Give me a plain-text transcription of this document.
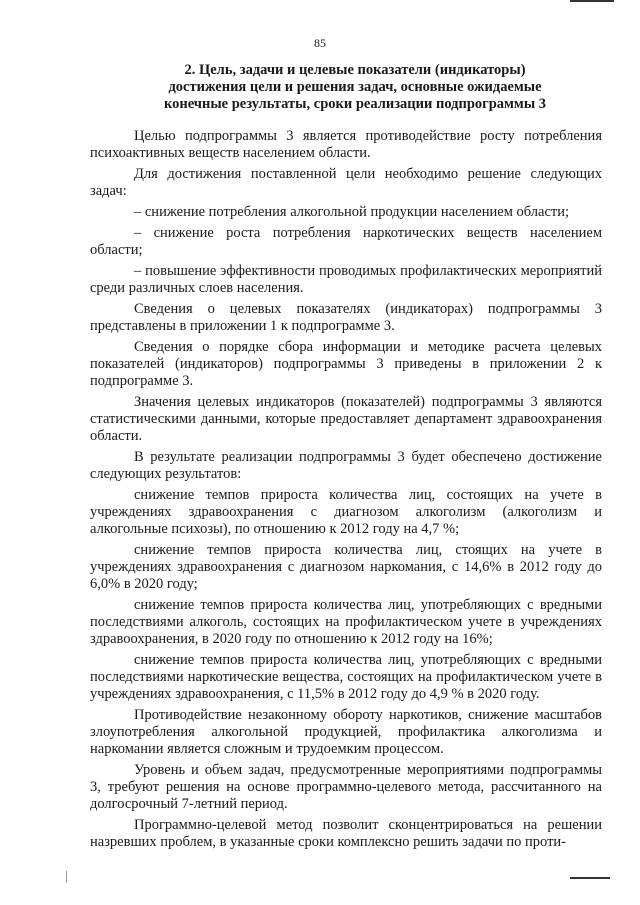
85
2. Цель, задачи и целевые показатели (индикаторы)
достижения цели и решения задач, основные ожидаемые
конечные результаты, сроки реализации подпрограммы 3

Целью подпрограммы 3 является противодействие росту потребления психоактивных веществ населением области.

Для достижения поставленной цели необходимо решение следующих задач:

– снижение потребления алкогольной продукции населением области;

– снижение роста потребления наркотических веществ населением области;

– повышение эффективности проводимых профилактических мероприятий среди различных слоев населения.

Сведения о целевых показателях (индикаторах) подпрограммы 3 представлены в приложении 1 к подпрограмме 3.

Сведения о порядке сбора информации и методике расчета целевых показателей (индикаторов) подпрограммы 3 приведены в приложении 2 к подпрограмме 3.

Значения целевых индикаторов (показателей) подпрограммы 3 являются статистическими данными, которые предоставляет департамент здравоохранения области.

В результате реализации подпрограммы 3 будет обеспечено достижение следующих результатов:

снижение темпов прироста количества лиц, состоящих на учете в учреждениях здравоохранения с диагнозом алкоголизм (алкоголизм и алкогольные психозы), по отношению к 2012 году на 4,7 %;

снижение темпов прироста количества лиц, стоящих на учете в учреждениях здравоохранения с диагнозом наркомания, с 14,6% в 2012 году до 6,0% в 2020 году;

снижение темпов прироста количества лиц, употребляющих с вредными последствиями алкоголь, состоящих на профилактическом учете в учреждениях здравоохранения, в 2020 году по отношению к 2012 году на 16%;

снижение темпов прироста количества лиц, употребляющих с вредными последствиями наркотические вещества, состоящих на профилактическом учете в учреждениях здравоохранения, с 11,5% в 2012 году до 4,9 % в 2020 году.

Противодействие незаконному обороту наркотиков, снижение масштабов злоупотребления алкогольной продукцией, профилактика алкоголизма и наркомании является сложным и трудоемким процессом.

Уровень и объем задач, предусмотренные мероприятиями подпрограммы 3, требуют решения на основе программно-целевого метода, рассчитанного на долгосрочный 7-летний период.

Программно-целевой метод позволит сконцентрироваться на решении назревших проблем, в указанные сроки комплексно решить задачи по проти-
